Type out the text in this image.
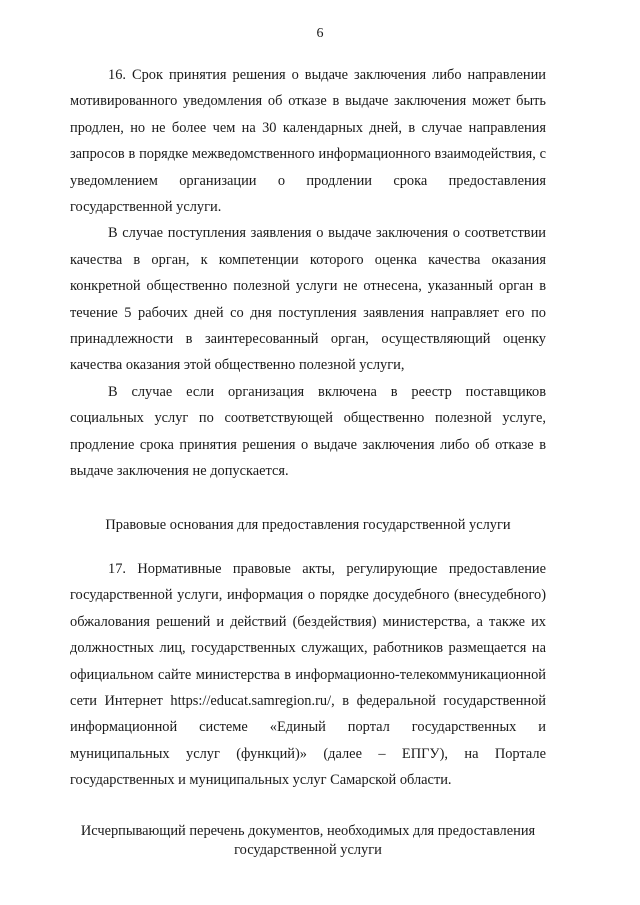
6

16. Срок принятия решения о выдаче заключения либо направлении мотивированного уведомления об отказе в выдаче заключения может быть продлен, но не более чем на 30 календарных дней, в случае направления запросов в порядке межведомственного информационного взаимодействия, с уведомлением организации о продлении срока предоставления государственной услуги.

В случае поступления заявления о выдаче заключения о соответствии качества в орган, к компетенции которого оценка качества оказания конкретной общественно полезной услуги не отнесена, указанный орган в течение 5 рабочих дней со дня поступления заявления направляет его по принадлежности в заинтересованный орган, осуществляющий оценку качества оказания этой общественно полезной услуги,

В случае если организация включена в реестр поставщиков социальных услуг по соответствующей общественно полезной услуге, продление срока принятия решения о выдаче заключения либо об отказе в выдаче заключения не допускается.

Правовые основания для предоставления государственной услуги

17. Нормативные правовые акты, регулирующие предоставление государственной услуги, информация о порядке досудебного (внесудебного) обжалования решений и действий (бездействия) министерства, а также их должностных лиц, государственных служащих, работников размещается на официальном сайте министерства в информационно-телекоммуникационной сети Интернет https://educat.samregion.ru/, в федеральной государственной информационной системе «Единый портал государственных и муниципальных услуг (функций)» (далее – ЕПГУ), на Портале государственных и муниципальных услуг Самарской области.

Исчерпывающий перечень документов, необходимых для предоставления

государственной услуги
